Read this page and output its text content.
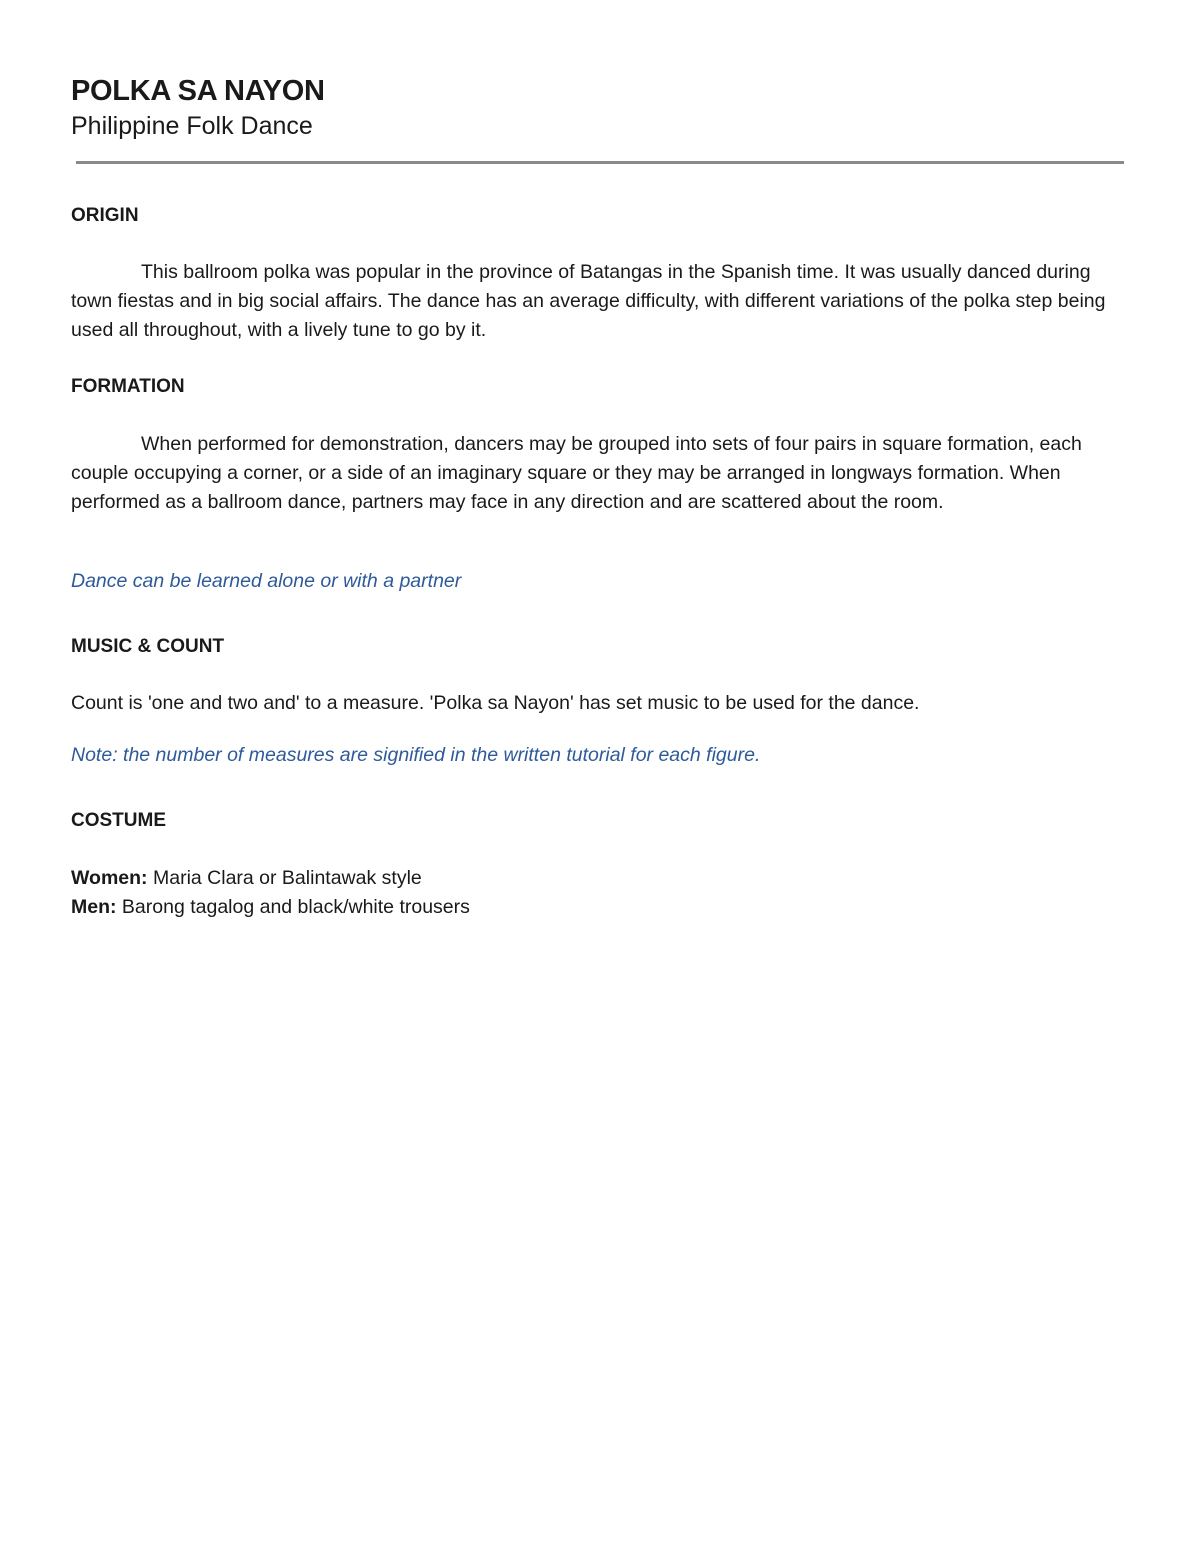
POLKA SA NAYON
Philippine Folk Dance
ORIGIN

This ballroom polka was popular in the province of Batangas in the Spanish time. It was usually danced during town fiestas and in big social affairs. The dance has an average difficulty, with different variations of the polka step being used all throughout, with a lively tune to go by it.

FORMATION

When performed for demonstration, dancers may be grouped into sets of four pairs in square formation, each couple occupying a corner, or a side of an imaginary square or they may be arranged in longways formation. When performed as a ballroom dance, partners may face in any direction and are scattered about the room.

Dance can be learned alone or with a partner

MUSIC & COUNT

Count is 'one and two and' to a measure. 'Polka sa Nayon' has set music to be used for the dance.

Note: the number of measures are signified in the written tutorial for each figure.

COSTUME

Women: Maria Clara or Balintawak style

Men: Barong tagalog and black/white trousers
